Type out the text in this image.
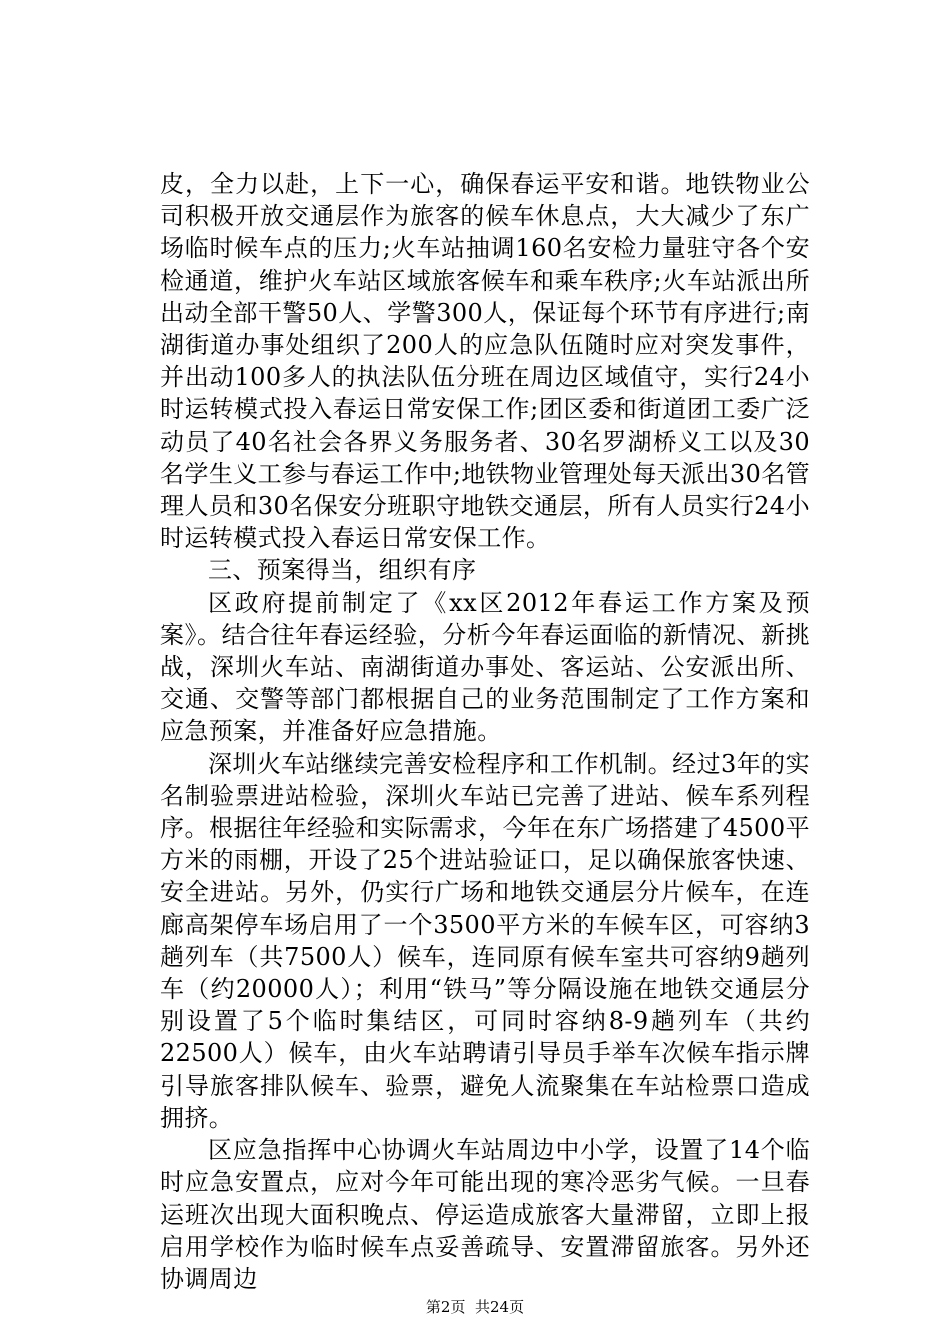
皮，全力以赴，上下一心，确保春运平安和谐。地铁物业公司积极开放交通层作为旅客的候车休息点，大大减少了东广场临时候车点的压力;火车站抽调160名安检力量驻守各个安检通道，维护火车站区域旅客候车和乘车秩序;火车站派出所出动全部干警50人、学警300人，保证每个环节有序进行;南湖街道办事处组织了200人的应急队伍随时应对突发事件，并出动100多人的执法队伍分班在周边区域值守，实行24小时运转模式投入春运日常安保工作;团区委和街道团工委广泛动员了40名社会各界义务服务者、30名罗湖桥义工以及30名学生义工参与春运工作中;地铁物业管理处每天派出30名管理人员和30名保安分班职守地铁交通层，所有人员实行24小时运转模式投入春运日常安保工作。

三、预案得当，组织有序

区政府提前制定了《xx区2012年春运工作方案及预案》。结合往年春运经验，分析今年春运面临的新情况、新挑战，深圳火车站、南湖街道办事处、客运站、公安派出所、交通、交警等部门都根据自己的业务范围制定了工作方案和应急预案，并准备好应急措施。

深圳火车站继续完善安检程序和工作机制。经过3年的实名制验票进站检验，深圳火车站已完善了进站、候车系列程序。根据往年经验和实际需求，今年在东广场搭建了4500平方米的雨棚，开设了25个进站验证口，足以确保旅客快速、安全进站。另外，仍实行广场和地铁交通层分片候车，在连廊高架停车场启用了一个3500平方米的车候车区，可容纳3趟列车（共7500人）候车，连同原有候车室共可容纳9趟列车（约20000人）；利用“铁马”等分隔设施在地铁交通层分别设置了5个临时集结区，可同时容纳8-9趟列车（共约22500人）候车，由火车站聘请引导员手举车次候车指示牌引导旅客排队候车、验票，避免人流聚集在车站检票口造成拥挤。

区应急指挥中心协调火车站周边中小学，设置了14个临时应急安置点，应对今年可能出现的寒冷恶劣气候。一旦春运班次出现大面积晚点、停运造成旅客大量滞留，立即上报启用学校作为临时候车点妥善疏导、安置滞留旅客。另外还协调周边

第2页 共24页
